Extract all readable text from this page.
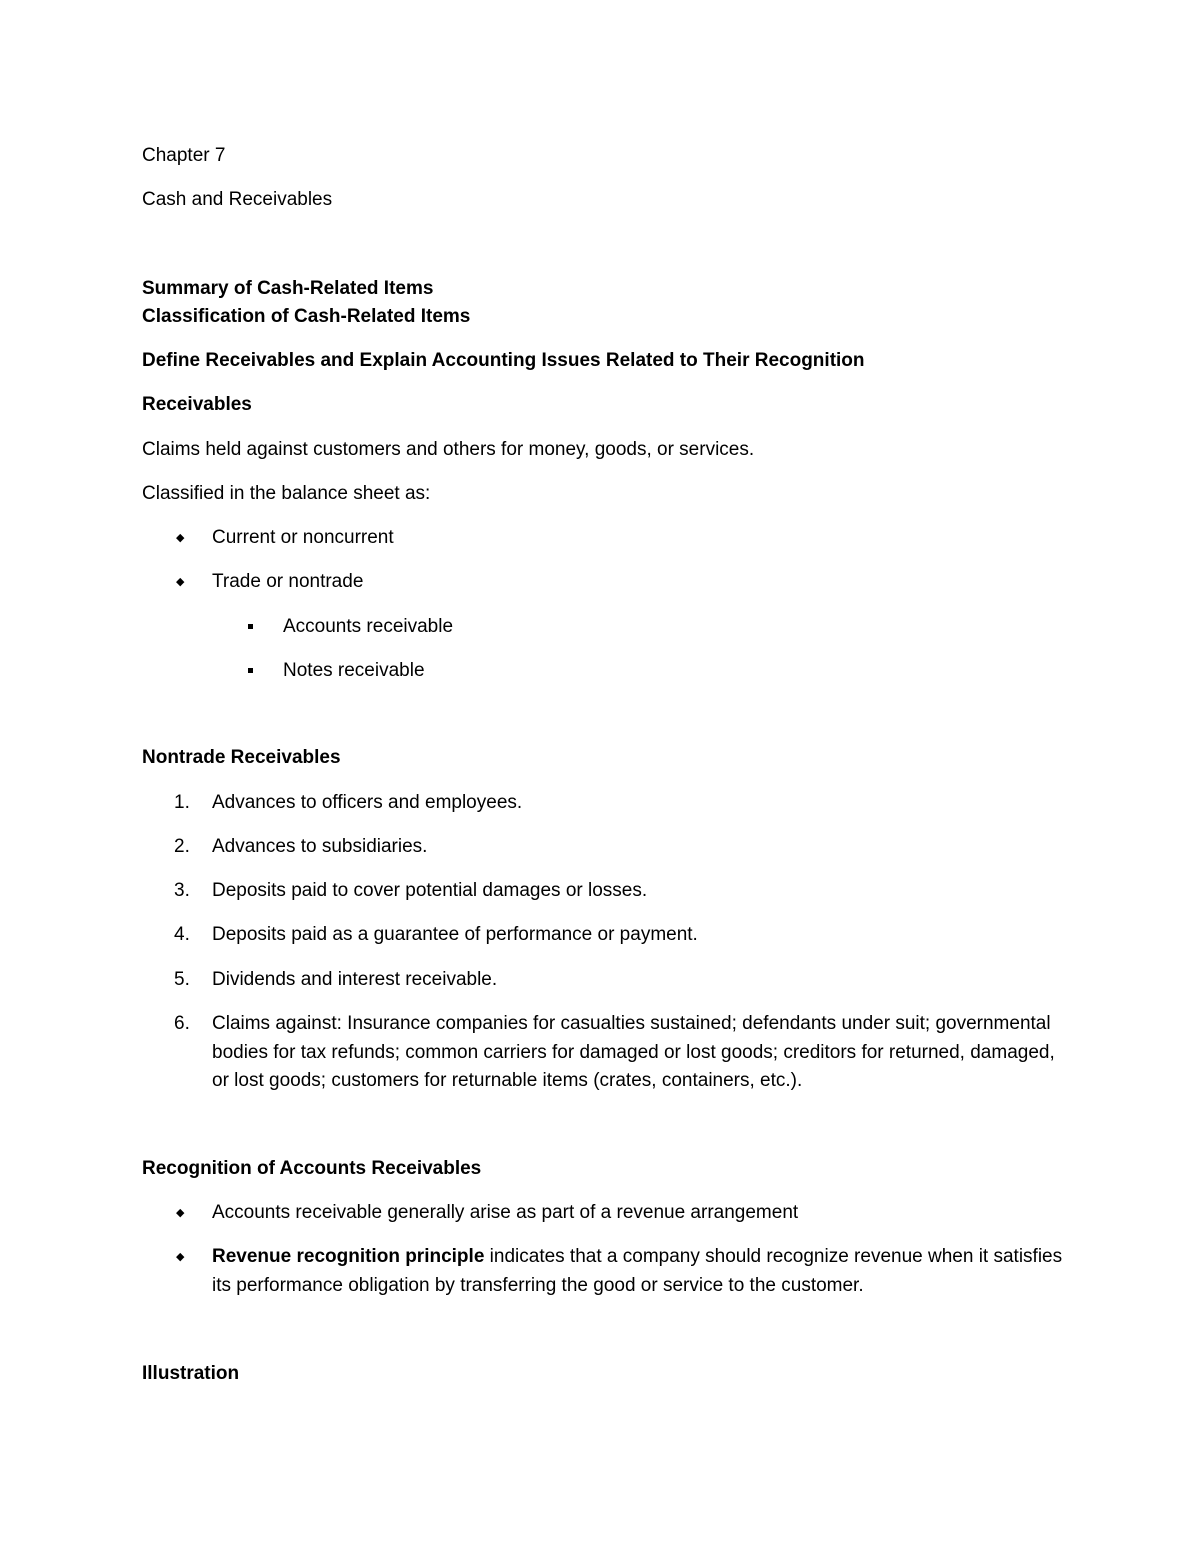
Chapter 7
Cash and Receivables
Summary of Cash-Related Items
Classification of Cash-Related Items
Define Receivables and Explain Accounting Issues Related to Their Recognition
Receivables
Claims held against customers and others for money, goods, or services.
Classified in the balance sheet as:
◆ Current or noncurrent
◆ Trade or nontrade
Accounts receivable
Notes receivable
Nontrade Receivables
1. Advances to officers and employees.
2. Advances to subsidiaries.
3. Deposits paid to cover potential damages or losses.
4. Deposits paid as a guarantee of performance or payment.
5. Dividends and interest receivable.
6. Claims against: Insurance companies for casualties sustained; defendants under suit; governmental bodies for tax refunds; common carriers for damaged or lost goods; creditors for returned, damaged, or lost goods; customers for returnable items (crates, containers, etc.).
Recognition of Accounts Receivables
◆ Accounts receivable generally arise as part of a revenue arrangement
◆ Revenue recognition principle indicates that a company should recognize revenue when it satisfies its performance obligation by transferring the good or service to the customer.
Illustration
